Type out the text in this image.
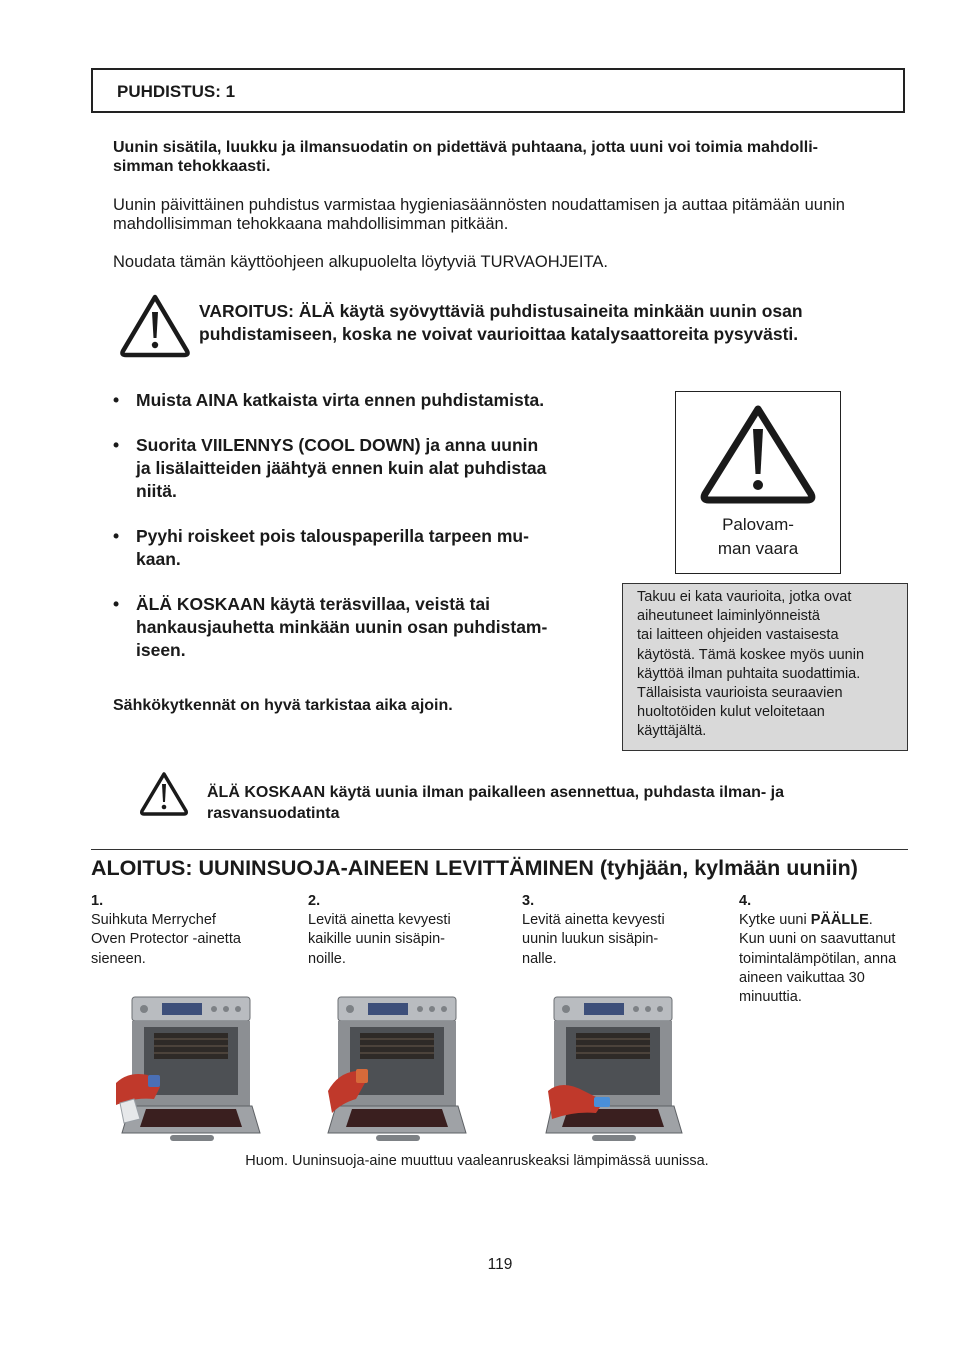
PUHDISTUS: 1
Uunin sisätila, luukku ja ilmansuodatin on pidettävä puhtaana, jotta uuni voi toimia mahdolli-
simman tehokkaasti.
Uunin päivittäinen puhdistus varmistaa hygieniasäännösten noudattamisen ja auttaa pitämään uunin
mahdollisimman tehokkaana mahdollisimman pitkään.
Noudata tämän käyttöohjeen alkupuolelta löytyviä TURVAOHJEITA.
VAROITUS: ÄLÄ käytä syövyttäviä puhdistusaineita minkään uunin osan
puhdistamiseen, koska ne voivat vaurioittaa katalysaattoreita pysyvästi.
• Muista AINA katkaista virta ennen puhdistamista.
• Suorita VIILENNYS (COOL DOWN) ja anna uunin
ja lisälaitteiden jäähtyä ennen kuin alat puhdistaa
niitä.
• Pyyhi roiskeet pois talouspaperilla tarpeen mu-
kaan.
• ÄLÄ KOSKAAN käytä teräsvillaa, veistä tai
hankausjauhetta minkään uunin osan puhdistam-
iseen.
Palovam-
man vaara
Takuu ei kata vaurioita, jotka ovat
aiheutuneet laiminlyönneistä
tai laitteen ohjeiden vastaisesta
käytöstä. Tämä koskee myös uunin
käyttöä ilman puhtaita suodattimia.
Tällaisista vaurioista seuraavien
huoltotöiden kulut veloitetaan
käyttäjältä.
Sähkökytkennät on hyvä tarkistaa aika ajoin.
ÄLÄ KOSKAAN käytä uunia ilman paikalleen asennettua, puhdasta ilman- ja
rasvansuodatinta
ALOITUS: UUNINSUOJA-AINEEN LEVITTÄMINEN (tyhjään, kylmään uuniin)
1.
Suihkuta Merrychef
Oven Protector -ainetta
sieneen.
2.
Levitä ainetta kevyesti
kaikille uunin sisäpin-
noille.
3.
Levitä ainetta kevyesti
uunin luukun sisäpin-
nalle.
4.
Kytke uuni PÄÄLLE.
Kun uuni on saavuttanut
toimintalämpötilan, anna
aineen vaikuttaa 30
minuuttia.
Huom. Uuninsuoja-aine muuttuu vaaleanruskeaksi lämpimässä uunissa.
119
